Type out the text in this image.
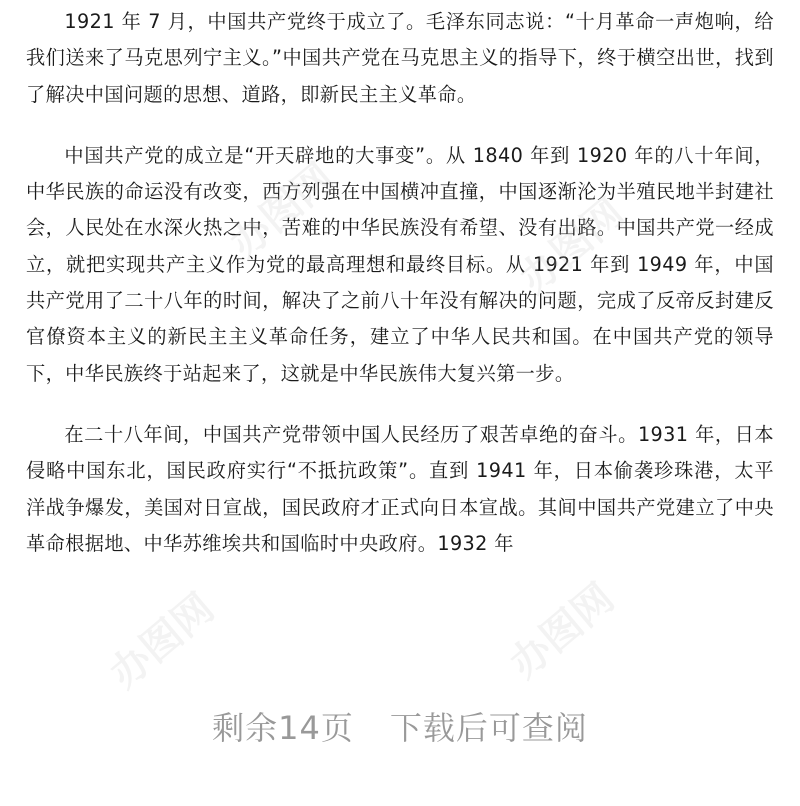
1921 年 7 月，中国共产党终于成立了。毛泽东同志说：“十月革命一声炮响，给我们送来了马克思列宁主义。”中国共产党在马克思主义的指导下，终于横空出世，找到了解决中国问题的思想、道路，即新民主主义革命。

中国共产党的成立是“开天辟地的大事变”。从 1840 年到 1920 年的八十年间，中华民族的命运没有改变，西方列强在中国横冲直撞，中国逐渐沦为半殖民地半封建社会，人民处在水深火热之中，苦难的中华民族没有希望、没有出路。中国共产党一经成立，就把实现共产主义作为党的最高理想和最终目标。从 1921 年到 1949 年，中国共产党用了二十八年的时间，解决了之前八十年没有解决的问题，完成了反帝反封建反官僚资本主义的新民主主义革命任务，建立了中华人民共和国。在中国共产党的领导下，中华民族终于站起来了，这就是中华民族伟大复兴第一步。

在二十八年间，中国共产党带领中国人民经历了艰苦卓绝的奋斗。1931 年，日本侵略中国东北，国民政府实行“不抵抗政策”。直到 1941 年，日本偷袭珍珠港，太平洋战争爆发，美国对日宣战，国民政府才正式向日本宣战。其间中国共产党建立了中央革命根据地、中华苏维埃共和国临时中央政府。1932 年

办图网	办图网
办图网	办图网
剩余14页 下载后可查阅
